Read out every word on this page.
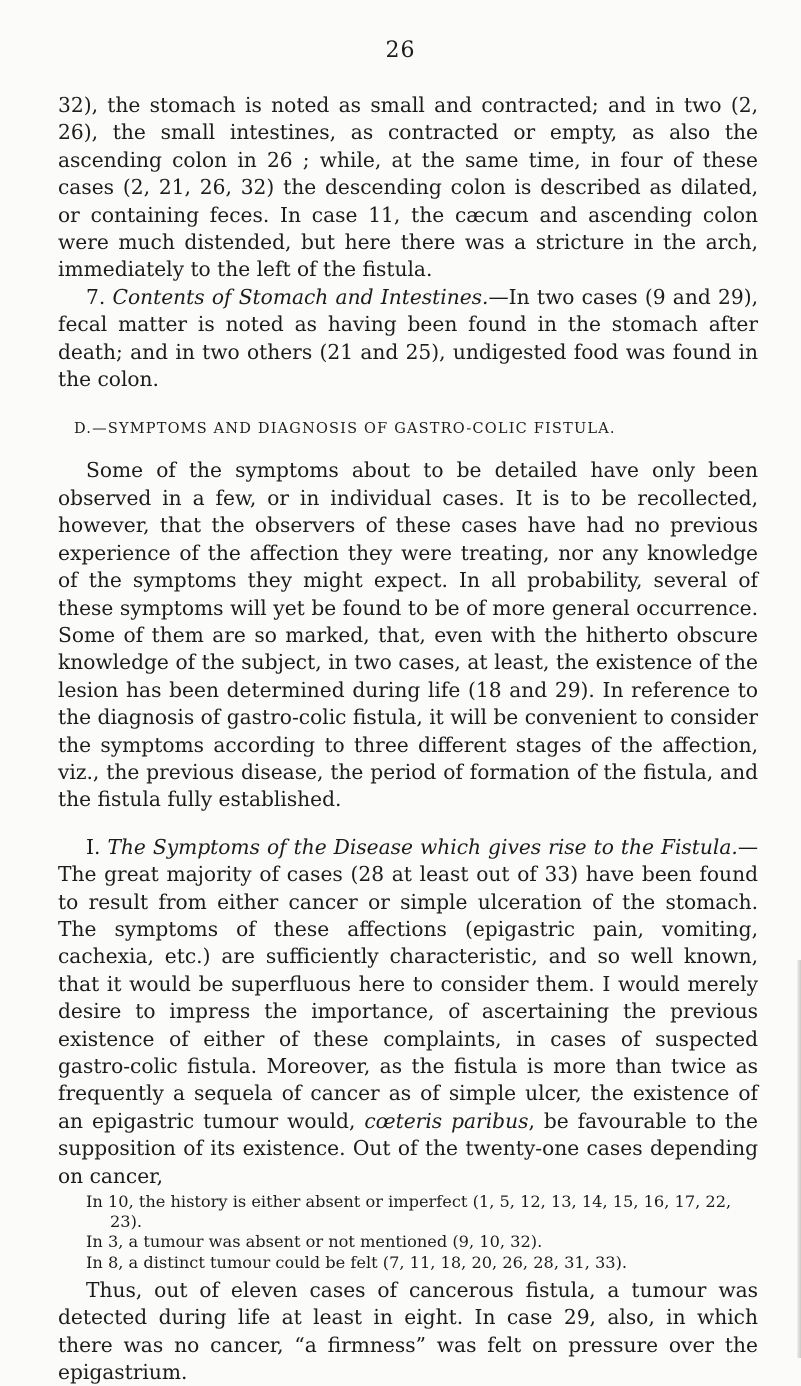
26

32), the stomach is noted as small and contracted; and in two (2, 26), the small intestines, as contracted or empty, as also the ascending colon in 26 ; while, at the same time, in four of these cases (2, 21, 26, 32) the descending colon is described as dilated, or containing feces. In case 11, the cæcum and ascending colon were much distended, but here there was a stricture in the arch, immediately to the left of the fistula.

7. Contents of Stomach and Intestines.—In two cases (9 and 29), fecal matter is noted as having been found in the stomach after death; and in two others (21 and 25), undigested food was found in the colon.

D.—SYMPTOMS AND DIAGNOSIS OF GASTRO-COLIC FISTULA.

Some of the symptoms about to be detailed have only been observed in a few, or in individual cases. It is to be recollected, however, that the observers of these cases have had no previous experience of the affection they were treating, nor any knowledge of the symptoms they might expect. In all probability, several of these symptoms will yet be found to be of more general occurrence. Some of them are so marked, that, even with the hitherto obscure knowledge of the subject, in two cases, at least, the existence of the lesion has been determined during life (18 and 29). In reference to the diagnosis of gastro-colic fistula, it will be convenient to consider the symptoms according to three different stages of the affection, viz., the previous disease, the period of formation of the fistula, and the fistula fully established.

I. The Symptoms of the Disease which gives rise to the Fistula.— The great majority of cases (28 at least out of 33) have been found to result from either cancer or simple ulceration of the stomach. The symptoms of these affections (epigastric pain, vomiting, cachexia, etc.) are sufficiently characteristic, and so well known, that it would be superfluous here to consider them. I would merely desire to impress the importance, of ascertaining the previous existence of either of these complaints, in cases of suspected gastro-colic fistula. Moreover, as the fistula is more than twice as frequently a sequela of cancer as of simple ulcer, the existence of an epigastric tumour would, cœteris paribus, be favourable to the supposition of its existence. Out of the twenty-one cases depending on cancer,

In 10, the history is either absent or imperfect (1, 5, 12, 13, 14, 15, 16, 17, 22, 23).
In 3, a tumour was absent or not mentioned (9, 10, 32).
In 8, a distinct tumour could be felt (7, 11, 18, 20, 26, 28, 31, 33).

Thus, out of eleven cases of cancerous fistula, a tumour was detected during life at least in eight. In case 29, also, in which there was no cancer, “a firmness” was felt on pressure over the epigastrium.
